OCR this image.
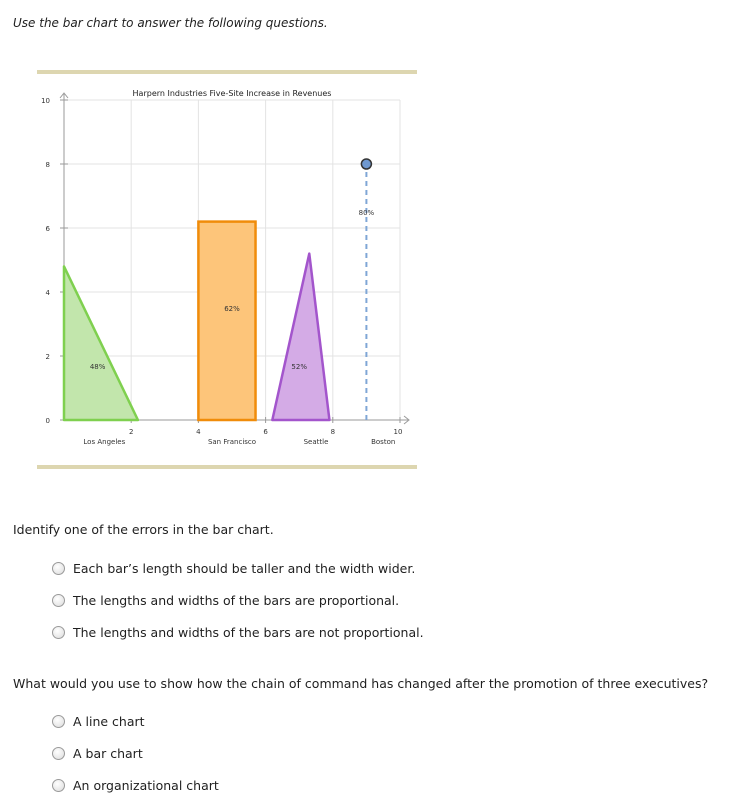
Use the bar chart to answer the following questions.
0
2
4
6
8
10
2	4	6	8	10
Los Angeles	San Francisco	Seattle	Boston
48%
62%
52%
80%
Harpern Industries Five-Site Increase in Revenues
Identify one of the errors in the bar chart.
Each bar’s length should be taller and the width wider.
The lengths and widths of the bars are proportional.
The lengths and widths of the bars are not proportional.
What would you use to show how the chain of command has changed after the promotion of three executives?
A line chart
A bar chart
An organizational chart
